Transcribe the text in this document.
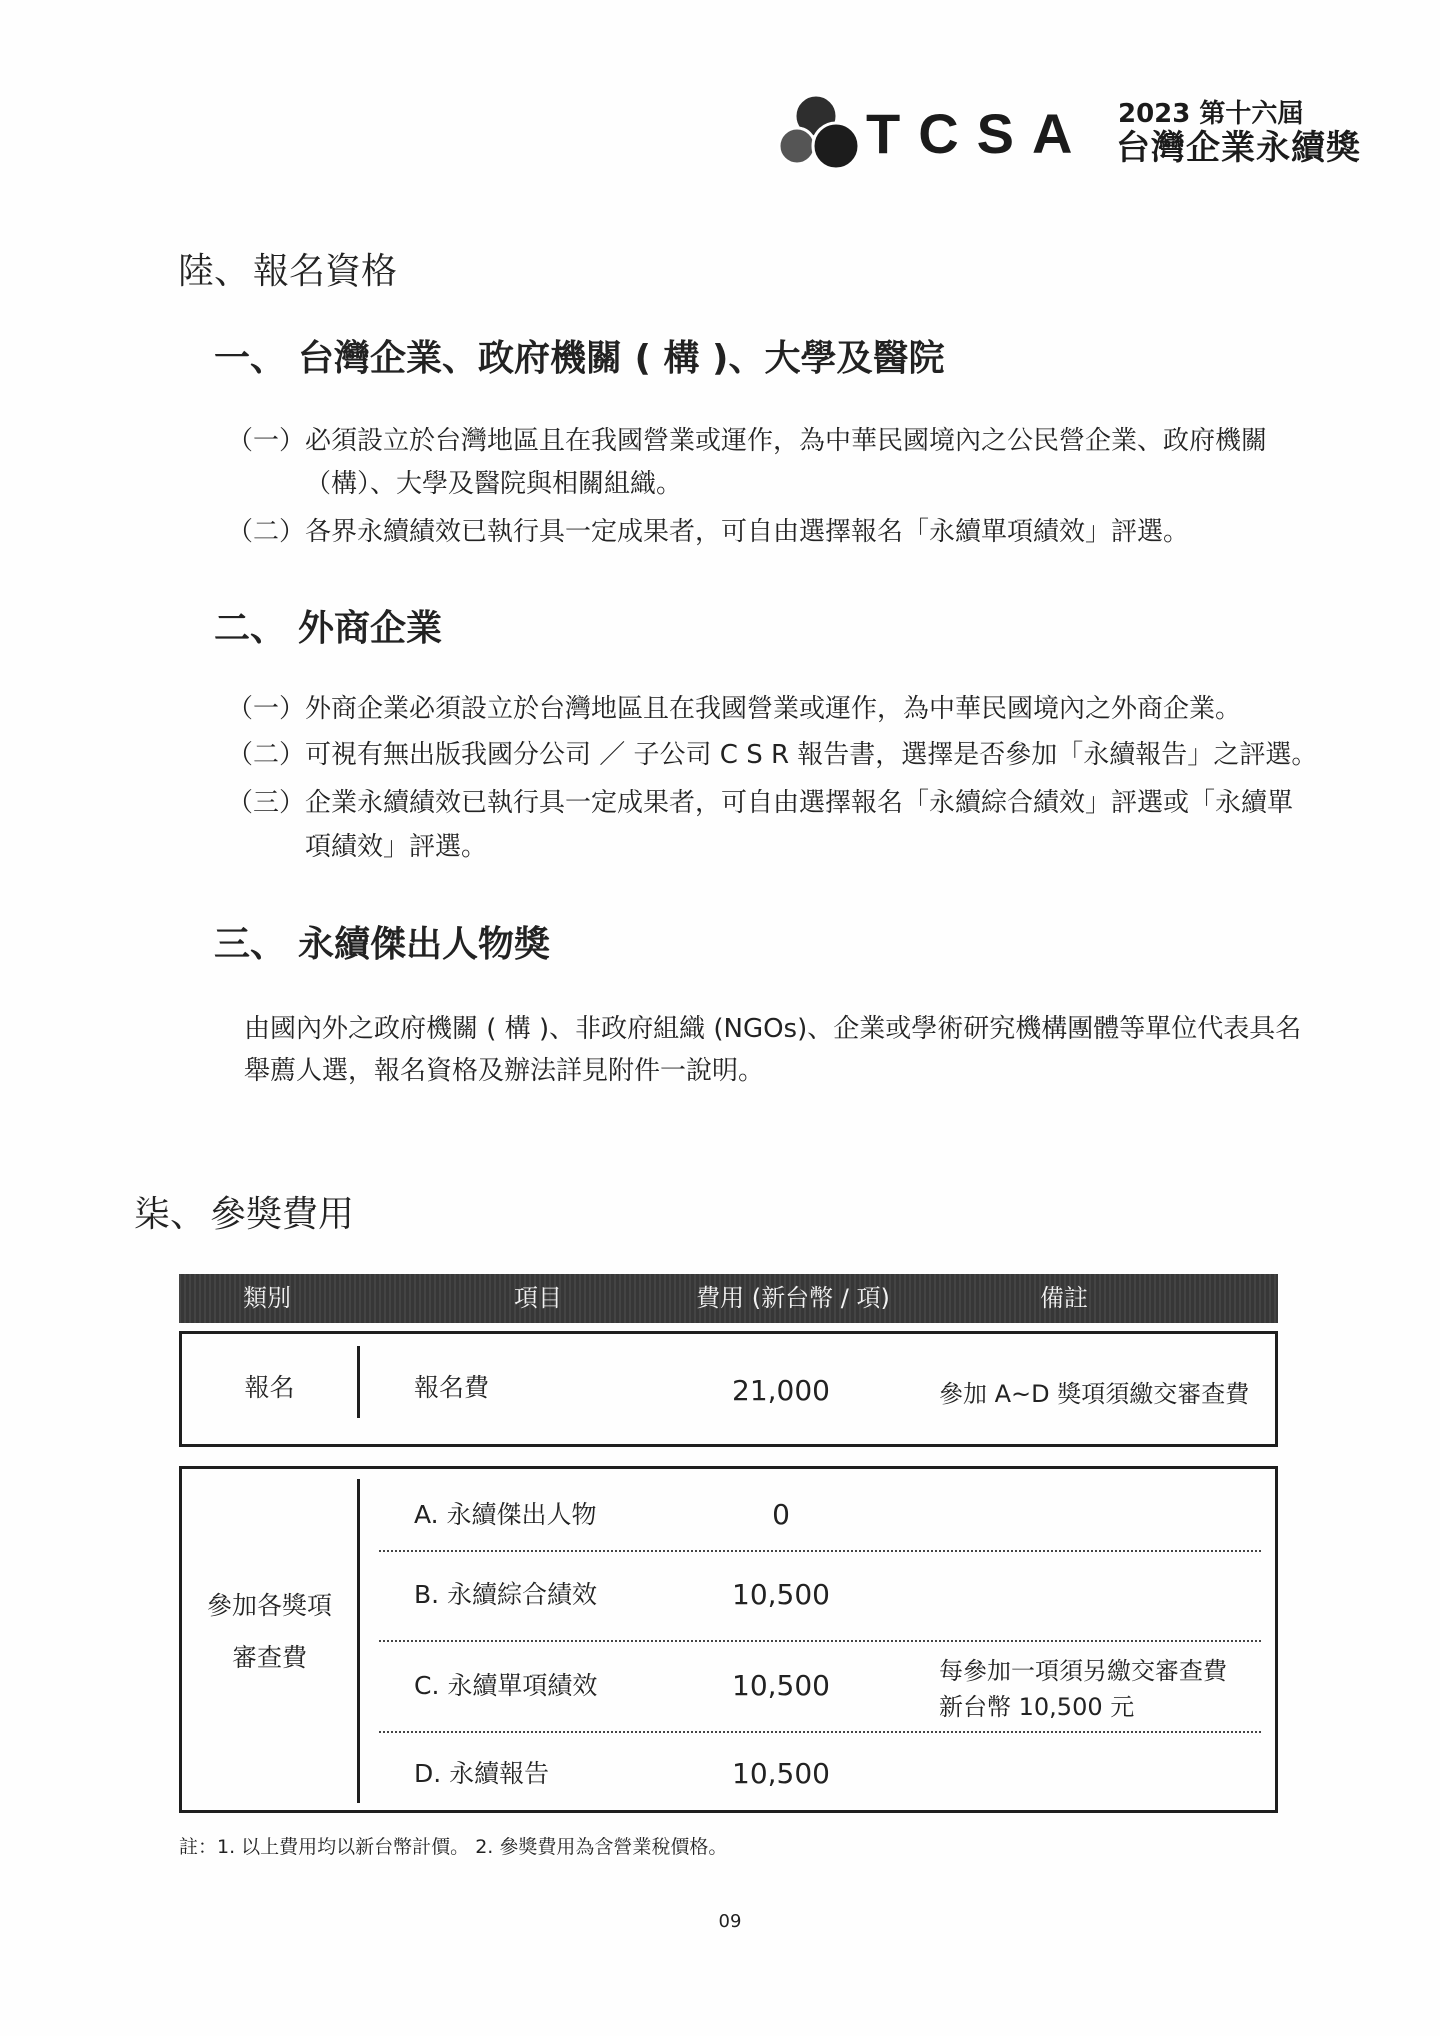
TCSA 2023 第十六屆
台灣企業永續獎
陸、 報名資格
一、 台灣企業、政府機關 ( 構 )、大學及醫院
（一） 必須設立於台灣地區且在我國營業或運作，為中華民國境內之公民營企業、政府機關
（構）、大學及醫院與相關組織。
（二） 各界永續績效已執行具一定成果者，可自由選擇報名「永續單項績效」評選。
二、 外商企業
（一） 外商企業必須設立於台灣地區且在我國營業或運作，為中華民國境內之外商企業。
（二） 可視有無出版我國分公司 ／ 子公司 C S R 報告書，選擇是否參加「永續報告」之評選。
（三） 企業永續績效已執行具一定成果者，可自由選擇報名「永續綜合績效」評選或「永續單
項績效」評選。
三、 永續傑出人物獎
由國內外之政府機關 ( 構 )、非政府組織 (NGOs)、企業或學術研究機構團體等單位代表具名
舉薦人選，報名資格及辦法詳見附件一說明。
柒、 參獎費用
類別	項目	費用 (新台幣 / 項)	備註
報名	報名費	21,000	參加 A~D 獎項須繳交審查費
參加各獎項
審查費
A. 永續傑出人物	0
B. 永續綜合績效	10,500
C. 永續單項績效	10,500	每參加一項須另繳交審查費
新台幣 10,500 元
D. 永續報告	10,500
註：1. 以上費用均以新台幣計價。 2. 參獎費用為含營業稅價格。
09
